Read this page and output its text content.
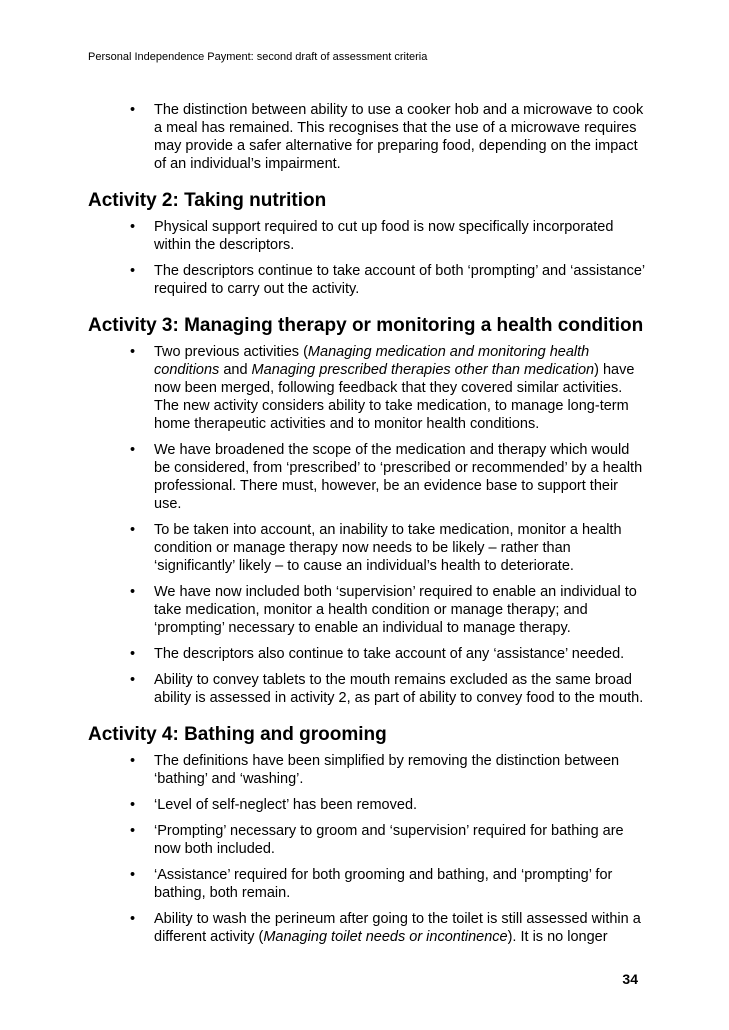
Personal Independence Payment: second draft of assessment criteria
• The distinction between ability to use a cooker hob and a microwave to cook a meal has remained. This recognises that the use of a microwave requires may provide a safer alternative for preparing food, depending on the impact of an individual’s impairment.
Activity 2: Taking nutrition
• Physical support required to cut up food is now specifically incorporated within the descriptors.
• The descriptors continue to take account of both ‘prompting’ and ‘assistance’ required to carry out the activity.
Activity 3: Managing therapy or monitoring a health condition
• Two previous activities (Managing medication and monitoring health conditions and Managing prescribed therapies other than medication) have now been merged, following feedback that they covered similar activities. The new activity considers ability to take medication, to manage long-term home therapeutic activities and to monitor health conditions.
• We have broadened the scope of the medication and therapy which would be considered, from ‘prescribed’ to ‘prescribed or recommended’ by a health professional. There must, however, be an evidence base to support their use.
• To be taken into account, an inability to take medication, monitor a health condition or manage therapy now needs to be likely – rather than ‘significantly’ likely – to cause an individual’s health to deteriorate.
• We have now included both ‘supervision’ required to enable an individual to take medication, monitor a health condition or manage therapy; and ‘prompting’ necessary to enable an individual to manage therapy.
• The descriptors also continue to take account of any ‘assistance’ needed.
• Ability to convey tablets to the mouth remains excluded as the same broad ability is assessed in activity 2, as part of ability to convey food to the mouth.
Activity 4: Bathing and grooming
• The definitions have been simplified by removing the distinction between ‘bathing’ and ‘washing’.
• ‘Level of self-neglect’ has been removed.
• ‘Prompting’ necessary to groom and ‘supervision’ required for bathing are now both included.
• ‘Assistance’ required for both grooming and bathing, and ‘prompting’ for bathing, both remain.
• Ability to wash the perineum after going to the toilet is still assessed within a different activity (Managing toilet needs or incontinence). It is no longer
34
